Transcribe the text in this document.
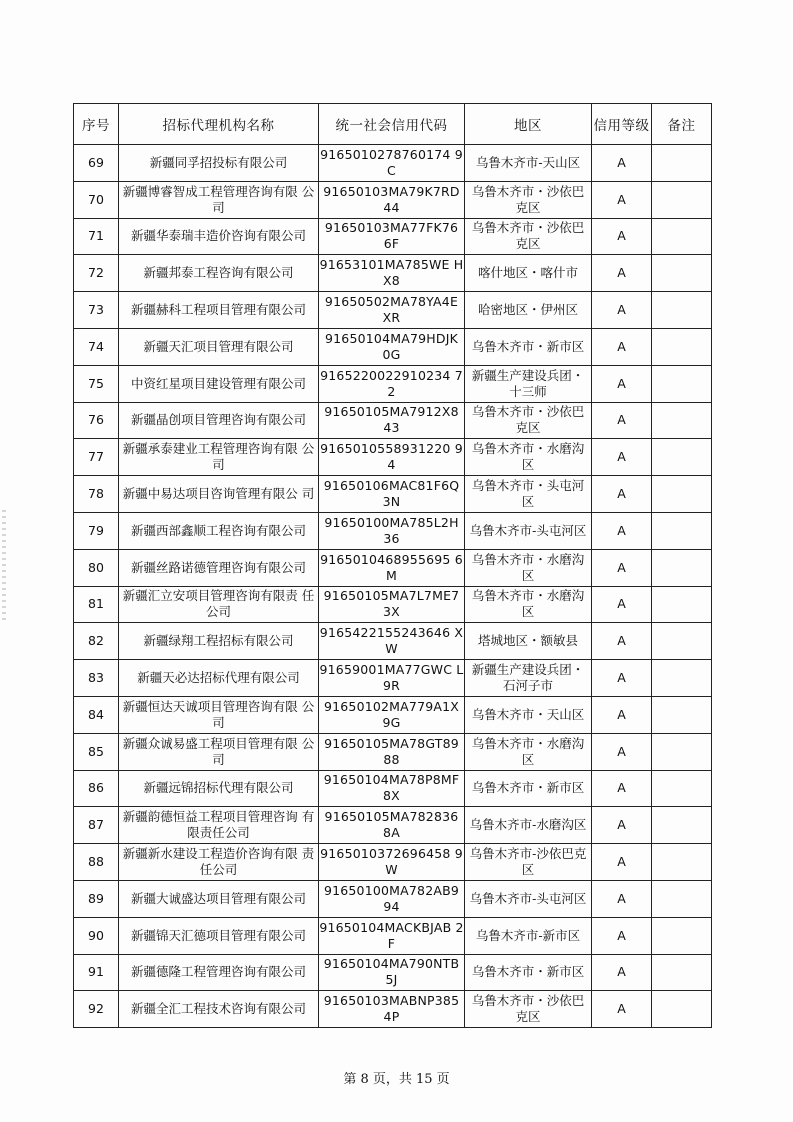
序号	招标代理机构名称	统一社会信用代码	地区	信用等级	备注
69	新疆同孚招投标有限公司	9165010278760174 9C	乌鲁木齐市-天山区	A	
70	新疆博睿智成工程管理咨询有限 公司	91650103MA79K7RD 44	乌鲁木齐市・沙依巴 克区	A	
71	新疆华泰瑞丰造价咨询有限公司	91650103MA77FK76 6F	乌鲁木齐市・沙依巴 克区	A	
72	新疆邦泰工程咨询有限公司	91653101MA785WE HX8	喀什地区・喀什市	A	
73	新疆赫科工程项目管理有限公司	91650502MA78YA4E XR	哈密地区・伊州区	A	
74	新疆天汇项目管理有限公司	91650104MA79HDJK 0G	乌鲁木齐市・新市区	A	
75	中资红星项目建设管理有限公司	9165220022910234 72	新疆生产建设兵团・ 十三师	A	
76	新疆晶创项目管理咨询有限公司	91650105MA7912X8 43	乌鲁木齐市・沙依巴 克区	A	
77	新疆承泰建业工程管理咨询有限 公司	9165010558931220 94	乌鲁木齐市・水磨沟 区	A	
78	新疆中易达项目咨询管理有限公 司	91650106MAC81F6Q 3N	乌鲁木齐市・头屯河 区	A	
79	新疆西部鑫顺工程咨询有限公司	91650100MA785L2H 36	乌鲁木齐市-头屯河区	A	
80	新疆丝路诺德管理咨询有限公司	9165010468955695 6M	乌鲁木齐市・水磨沟 区	A	
81	新疆汇立安项目管理咨询有限责 任公司	91650105MA7L7ME7 3X	乌鲁木齐市・水磨沟 区	A	
82	新疆绿翔工程招标有限公司	9165422155243646 XW	塔城地区・额敏县	A	
83	新疆天必达招标代理有限公司	91659001MA77GWC L9R	新疆生产建设兵团・ 石河子市	A	
84	新疆恒达天诚项目管理咨询有限 公司	91650102MA779A1X 9G	乌鲁木齐市・天山区	A	
85	新疆众诚易盛工程项目管理有限 公司	91650105MA78GT89 88	乌鲁木齐市・水磨沟 区	A	
86	新疆远锦招标代理有限公司	91650104MA78P8MF 8X	乌鲁木齐市・新市区	A	
87	新疆韵德恒益工程项目管理咨询 有限责任公司	91650105MA782836 8A	乌鲁木齐市-水磨沟区	A	
88	新疆新水建设工程造价咨询有限 责任公司	9165010372696458 9W	乌鲁木齐市-沙依巴克 区	A	
89	新疆大诚盛达项目管理有限公司	91650100MA782AB9 94	乌鲁木齐市-头屯河区	A	
90	新疆锦天汇德项目管理有限公司	91650104MACKBJAB 2F	乌鲁木齐市-新市区	A	
91	新疆德隆工程管理咨询有限公司	91650104MA790NTB 5J	乌鲁木齐市・新市区	A	
92	新疆全汇工程技术咨询有限公司	91650103MABNP385 4P	乌鲁木齐市・沙依巴 克区	A	
第 8 页，共 15 页
